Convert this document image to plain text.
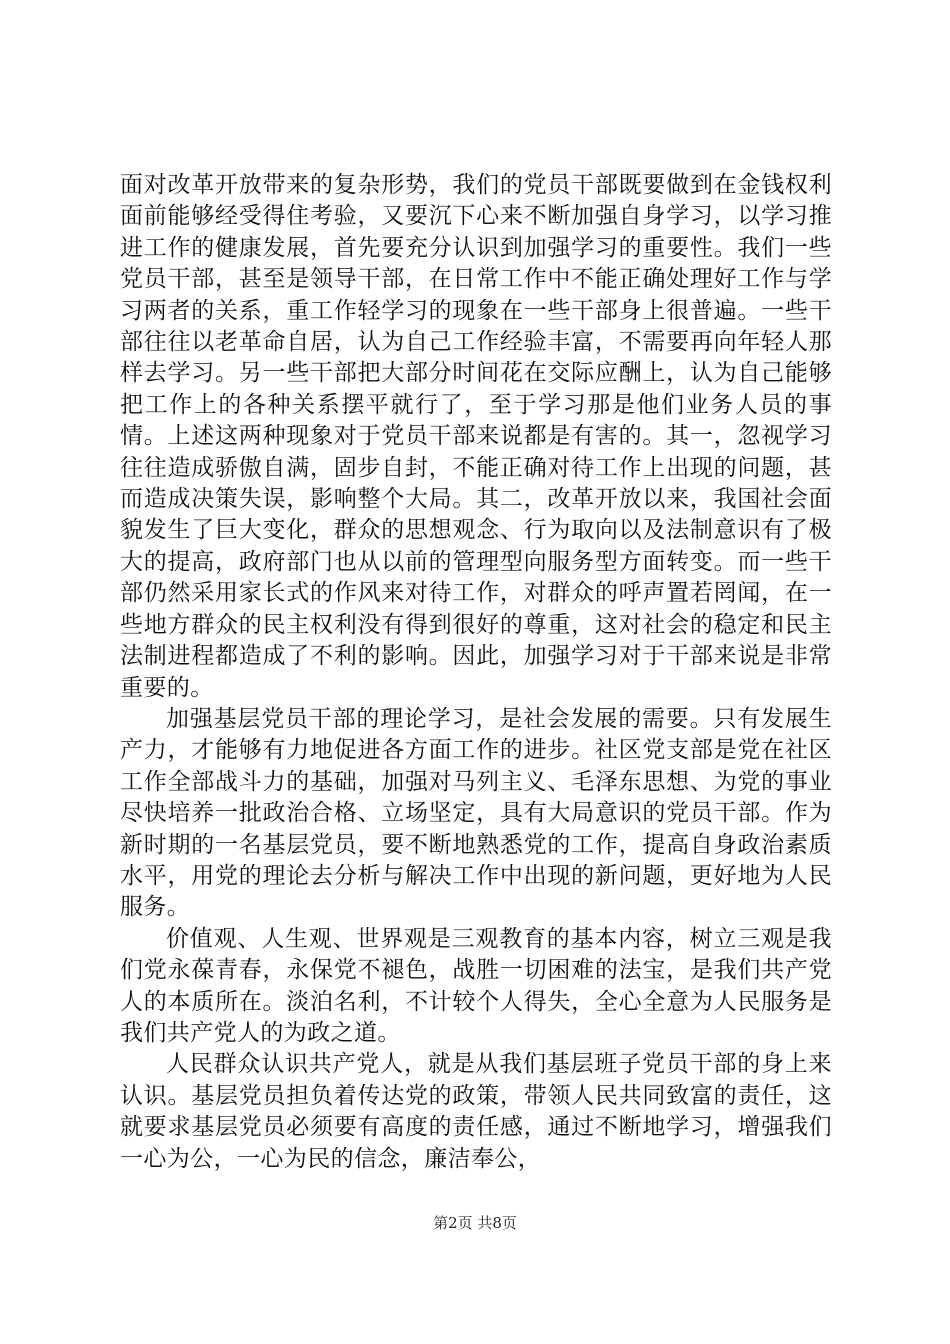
面对改革开放带来的复杂形势，我们的党员干部既要做到在金钱权利面前能够经受得住考验，又要沉下心来不断加强自身学习，以学习推进工作的健康发展，首先要充分认识到加强学习的重要性。我们一些党员干部，甚至是领导干部，在日常工作中不能正确处理好工作与学习两者的关系，重工作轻学习的现象在一些干部身上很普遍。一些干部往往以老革命自居，认为自己工作经验丰富，不需要再向年轻人那样去学习。另一些干部把大部分时间花在交际应酬上，认为自己能够把工作上的各种关系摆平就行了，至于学习那是他们业务人员的事情。上述这两种现象对于党员干部来说都是有害的。其一，忽视学习往往造成骄傲自满，固步自封，不能正确对待工作上出现的问题，甚而造成决策失误，影响整个大局。其二，改革开放以来，我国社会面貌发生了巨大变化，群众的思想观念、行为取向以及法制意识有了极大的提高，政府部门也从以前的管理型向服务型方面转变。而一些干部仍然采用家长式的作风来对待工作，对群众的呼声置若罔闻，在一些地方群众的民主权利没有得到很好的尊重，这对社会的稳定和民主法制进程都造成了不利的影响。因此，加强学习对于干部来说是非常重要的。

加强基层党员干部的理论学习，是社会发展的需要。只有发展生产力，才能够有力地促进各方面工作的进步。社区党支部是党在社区工作全部战斗力的基础，加强对马列主义、毛泽东思想、为党的事业尽快培养一批政治合格、立场坚定，具有大局意识的党员干部。作为新时期的一名基层党员，要不断地熟悉党的工作，提高自身政治素质水平，用党的理论去分析与解决工作中出现的新问题，更好地为人民服务。

价值观、人生观、世界观是三观教育的基本内容，树立三观是我们党永葆青春，永保党不褪色，战胜一切困难的法宝，是我们共产党人的本质所在。淡泊名利，不计较个人得失，全心全意为人民服务是我们共产党人的为政之道。

人民群众认识共产党人，就是从我们基层班子党员干部的身上来认识。基层党员担负着传达党的政策，带领人民共同致富的责任，这就要求基层党员必须要有高度的责任感，通过不断地学习，增强我们一心为公，一心为民的信念，廉洁奉公，

第2页 共8页
